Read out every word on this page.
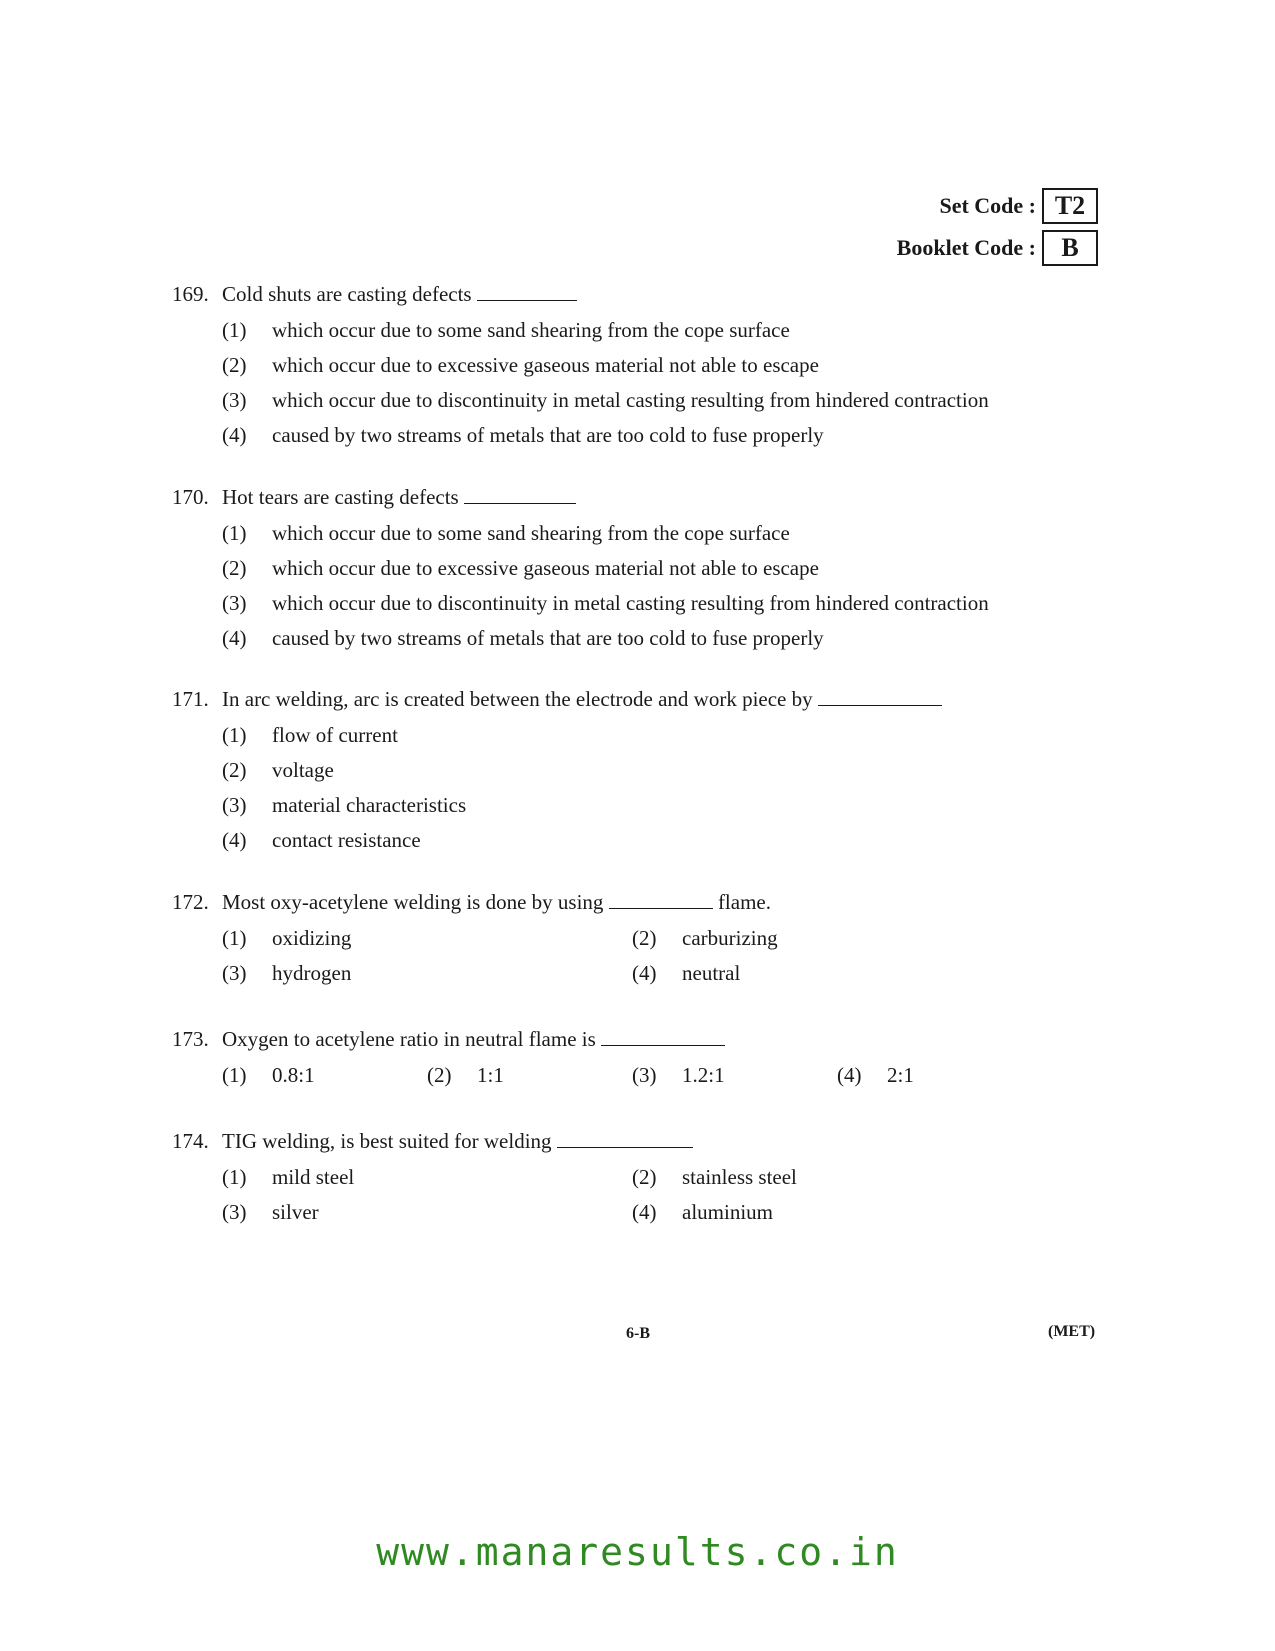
Set Code : T2
Booklet Code : B
169. Cold shuts are casting defects
(1)	which occur due to some sand shearing from the cope surface
(2)	which occur due to excessive gaseous material not able to escape
(3)	which occur due to discontinuity in metal casting resulting from hindered contraction
(4)	caused by two streams of metals that are too cold to fuse properly
170. Hot tears are casting defects
(1)	which occur due to some sand shearing from the cope surface
(2)	which occur due to excessive gaseous material not able to escape
(3)	which occur due to discontinuity in metal casting resulting from hindered contraction
(4)	caused by two streams of metals that are too cold to fuse properly
171. In arc welding, arc is created between the electrode and work piece by
(1)	flow of current
(2)	voltage
(3)	material characteristics
(4)	contact resistance
172. Most oxy-acetylene welding is done by using	flame.
(1)	oxidizing	(2)	carburizing
(3)	hydrogen	(4)	neutral
173. Oxygen to acetylene ratio in neutral flame is
(1)	0.8:1	(2)	1:1	(3)	1.2:1	(4)	2:1
174. TIG welding, is best suited for welding
(1)	mild steel	(2)	stainless steel
(3)	silver	(4)	aluminium
6-B	(MET)
www.manaresults.co.in
